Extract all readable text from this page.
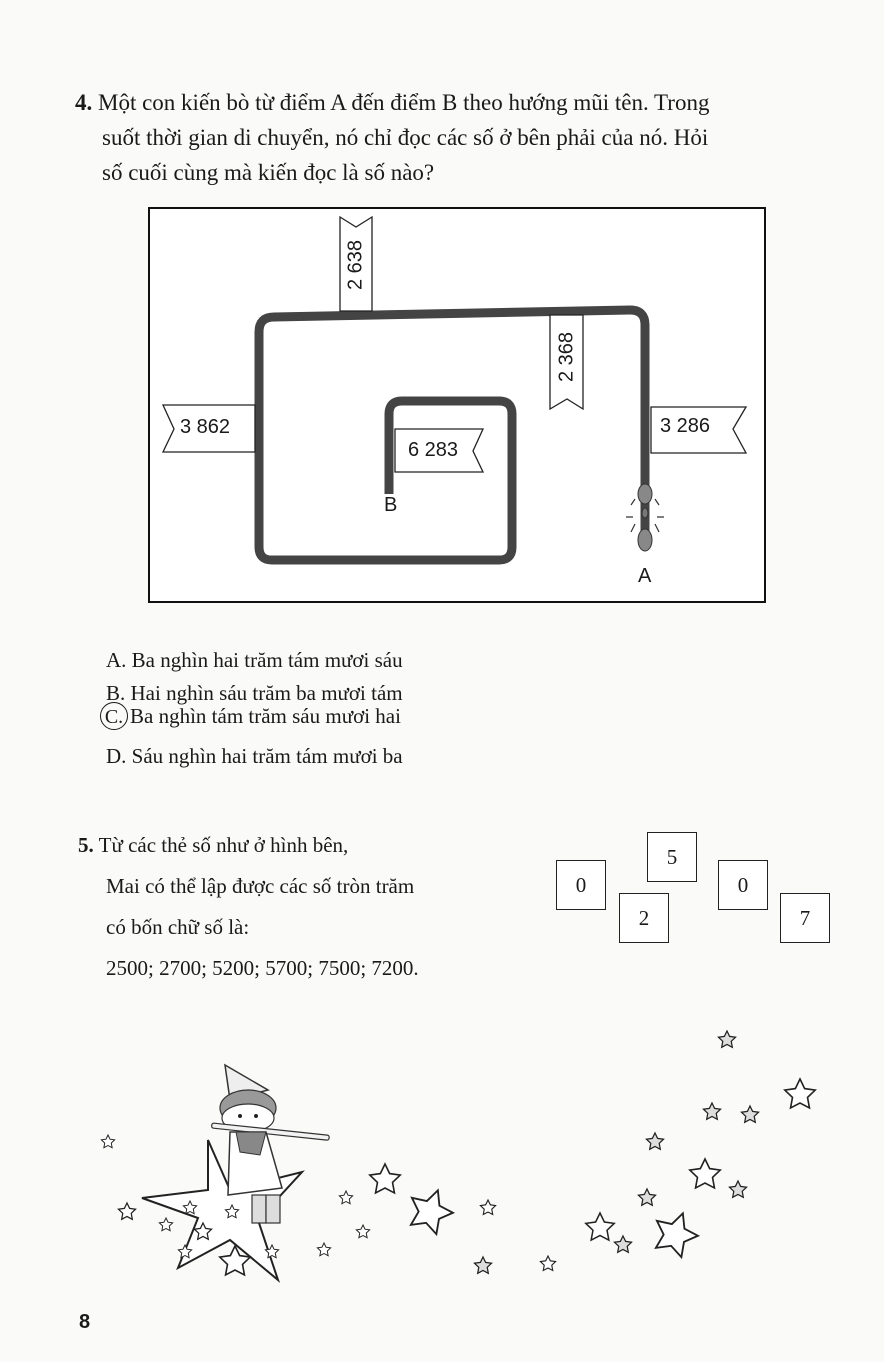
4. Một con kiến bò từ điểm A đến điểm B theo hướng mũi tên. Trong
suốt thời gian di chuyển, nó chỉ đọc các số ở bên phải của nó. Hỏi
số cuối cùng mà kiến đọc là số nào?
2 638
2 368
3 862	3 286
6 283
B
A
A. Ba nghìn hai trăm tám mươi sáu
B. Hai nghìn sáu trăm ba mươi tám
C. Ba nghìn tám trăm sáu mươi hai
D. Sáu nghìn hai trăm tám mươi ba
5. Từ các thẻ số như ở hình bên,
Mai có thể lập được các số tròn trăm
có bốn chữ số là:
2500; 2700; 5200; 5700; 7500; 7200.
0
5
2
0
7
8
